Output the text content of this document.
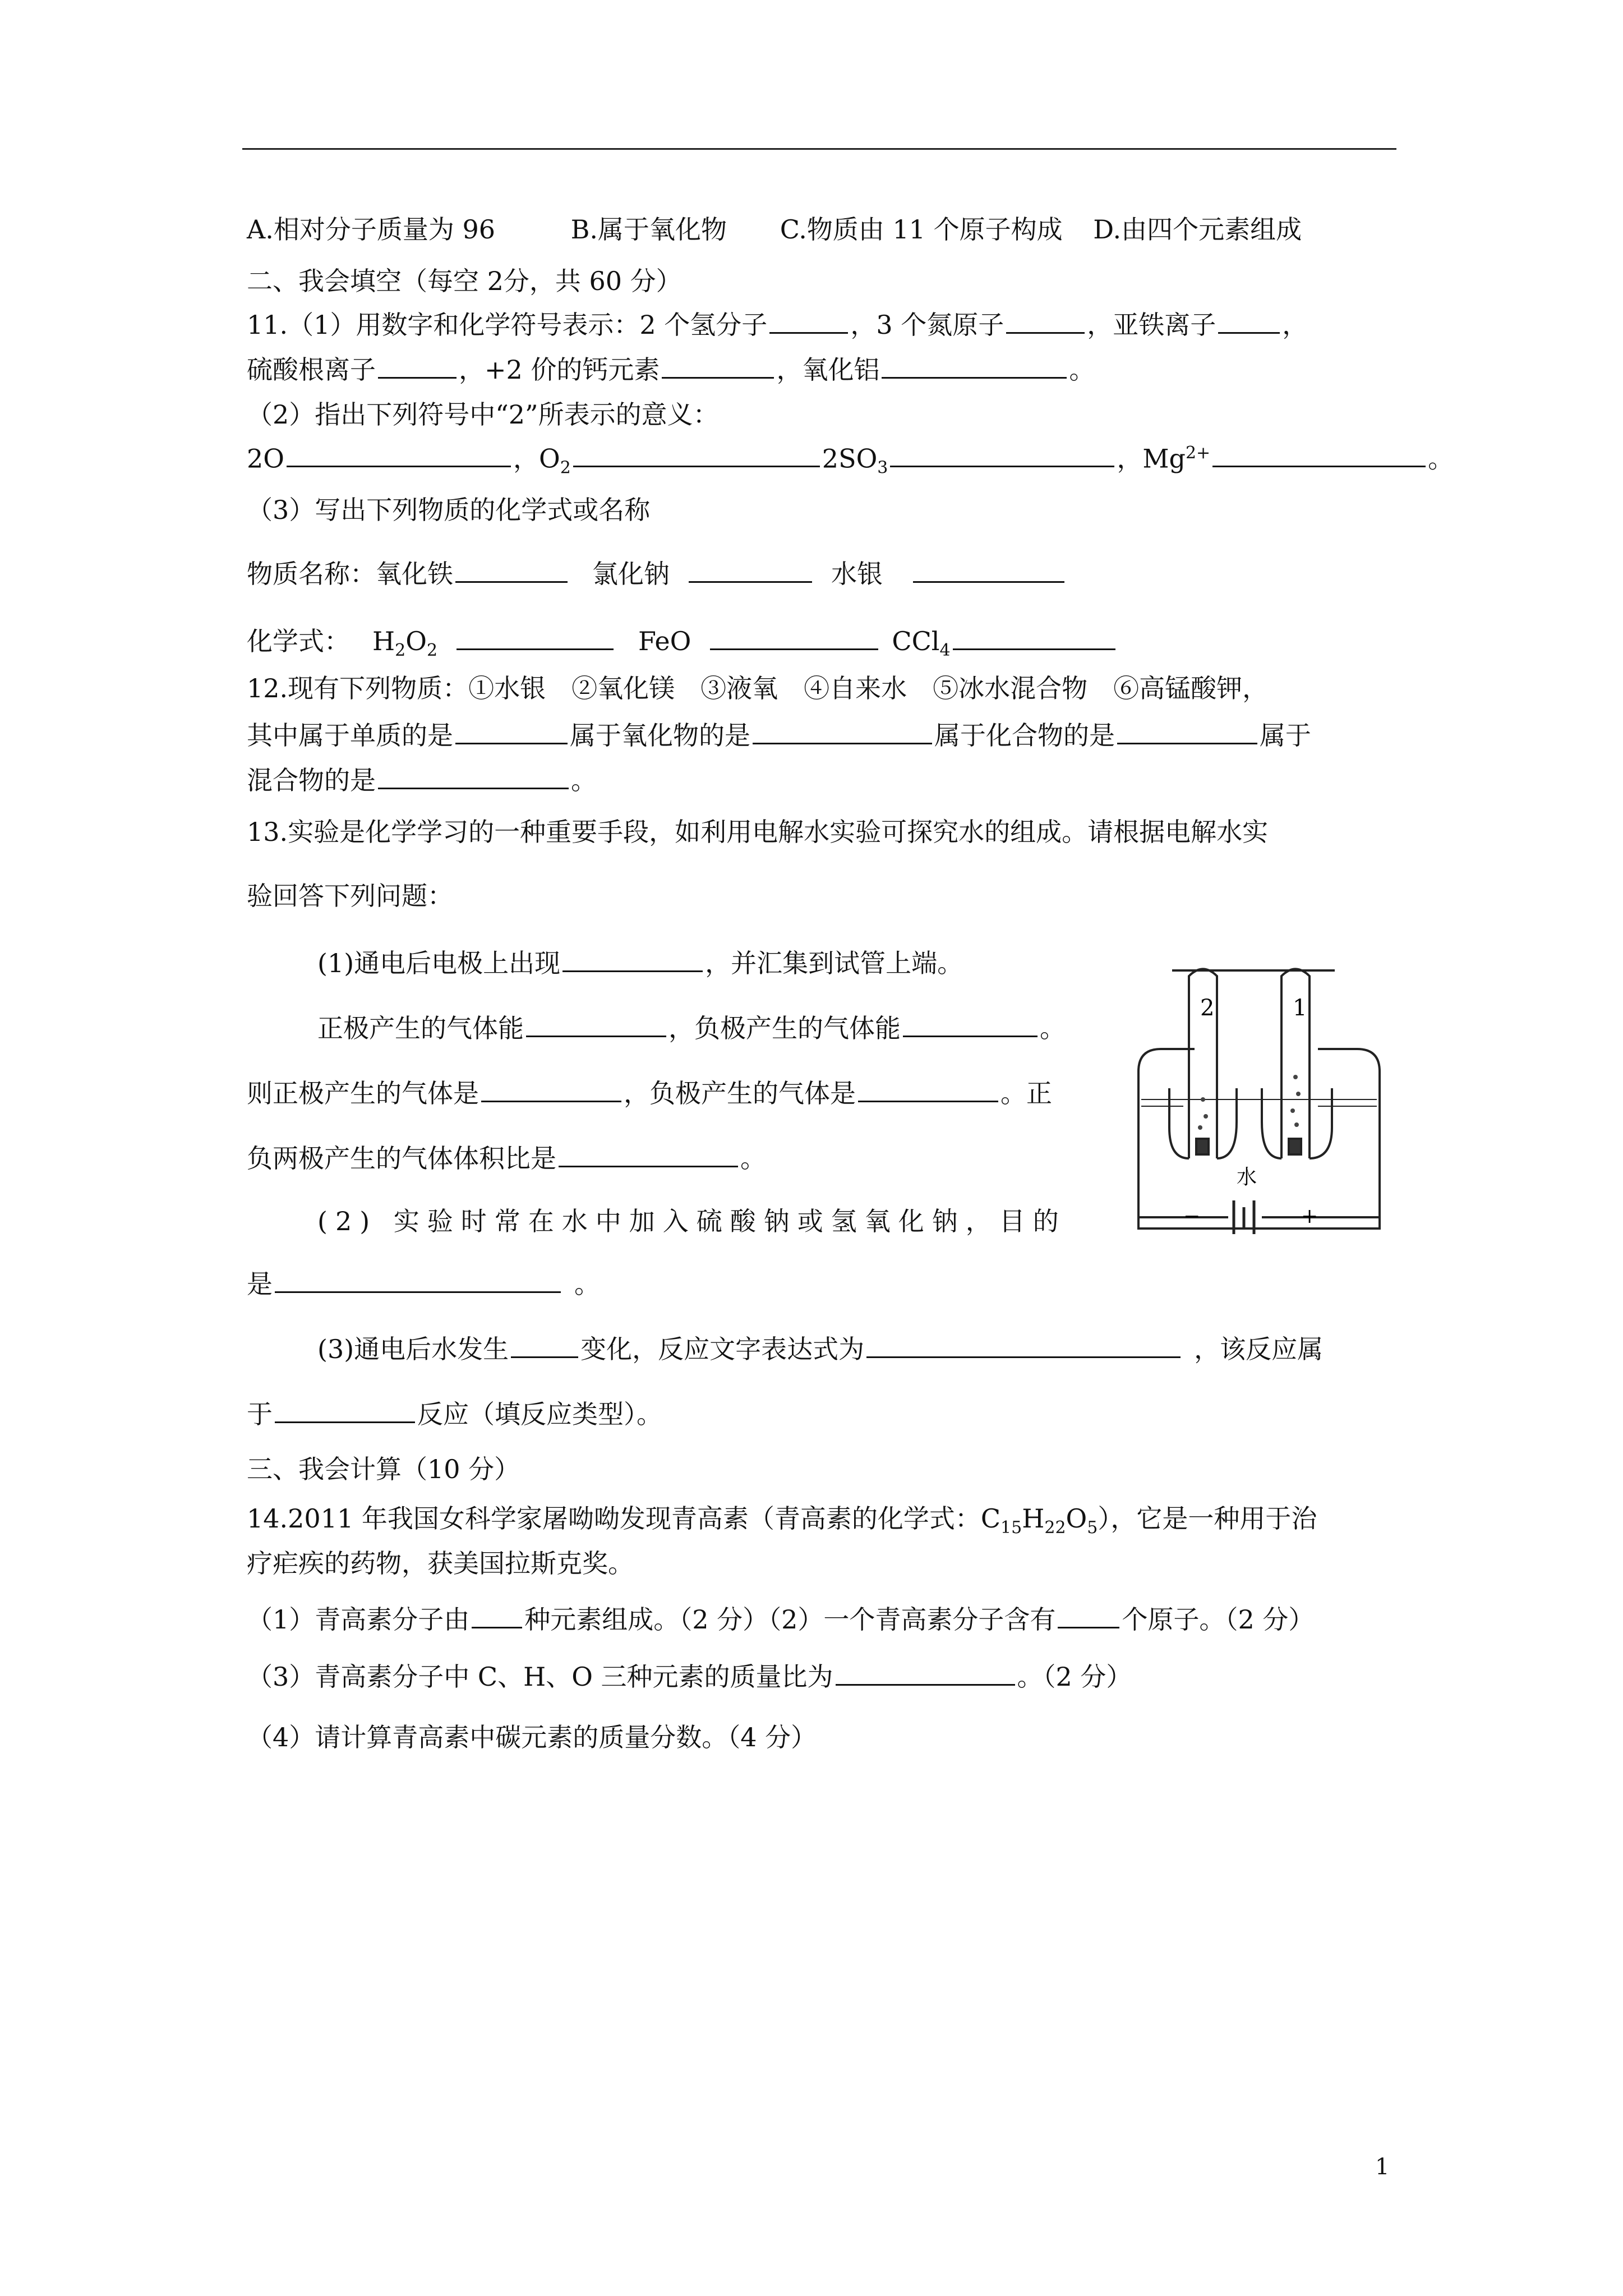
A.相对分子质量为 96	B.属于氧化物 C.物质由 11 个原子构成 D.由四个元素组成
二、我会填空（每空 2分，共 60 分）
11.（1）用数字和化学符号表示：2 个氢分子	，3 个氮原子	，亚铁离子	，
硫酸根离子	，+2 价的钙元素	，氧化铝	。
（2）指出下列符号中“2”所表示的意义：
2O	，$O_2$	$2SO_3$	，$Mg^{2+}$	。
（3）写出下列物质的化学式或名称
物质名称：氧化铁	氯化钠	水银
化学式： $H_2O_2$	FeO	CCl$_4$
12.现有下列物质：①水银　②氧化镁　③液氧　④自来水　⑤冰水混合物　⑥高锰酸钾，
其中属于单质的是	属于氧化物的是	属于化合物的是	属于
混合物的是	。
13.实验是化学学习的一种重要手段，如利用电解水实验可探究水的组成。请根据电解水实
验回答下列问题：
(1)通电后电极上出现	，并汇集到试管上端。
正极产生的气体能	，负极产生的气体能	。
则正极产生的气体是	，负极产生的气体是	。正
负两极产生的气体体积比是	。
(2) 实验时常在水中加入硫酸钠或氢氧化钠，目的
是	。
(3)通电后水发生	变化，反应文字表达式为	，该反应属
于	反应（填反应类型）。
2	1
水
−	+
三、我会计算（10 分）
14.2011 年我国女科学家屠呦呦发现青高素（青高素的化学式：$C_{15}H_{22}O_5$），它是一种用于治
疗疟疾的药物，获美国拉斯克奖。
（1）青高素分子由 种元素组成。（2 分）（2）一个青高素分子含有	个原子。（2 分）
（3）青高素分子中 C、H、O 三种元素的质量比为	。（2 分）
（4）请计算青高素中碳元素的质量分数。（4 分）
1
